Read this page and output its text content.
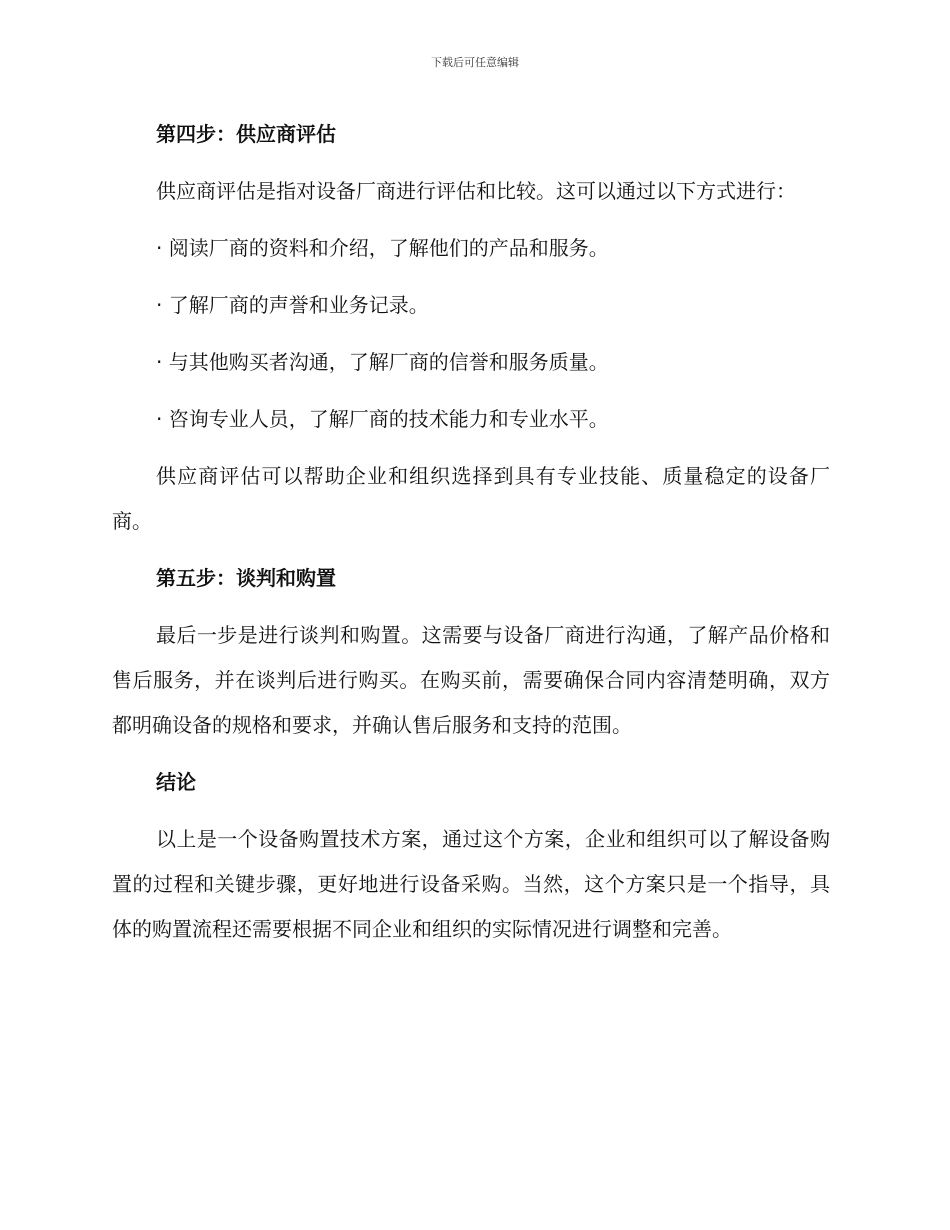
下载后可任意编辑
第四步：供应商评估
供应商评估是指对设备厂商进行评估和比较。这可以通过以下方式进行：
· 阅读厂商的资料和介绍，了解他们的产品和服务。
· 了解厂商的声誉和业务记录。
· 与其他购买者沟通，了解厂商的信誉和服务质量。
· 咨询专业人员，了解厂商的技术能力和专业水平。
供应商评估可以帮助企业和组织选择到具有专业技能、质量稳定的设备厂商。
第五步：谈判和购置
最后一步是进行谈判和购置。这需要与设备厂商进行沟通，了解产品价格和售后服务，并在谈判后进行购买。在购买前，需要确保合同内容清楚明确，双方都明确设备的规格和要求，并确认售后服务和支持的范围。
结论
以上是一个设备购置技术方案，通过这个方案，企业和组织可以了解设备购置的过程和关键步骤，更好地进行设备采购。当然，这个方案只是一个指导，具体的购置流程还需要根据不同企业和组织的实际情况进行调整和完善。
